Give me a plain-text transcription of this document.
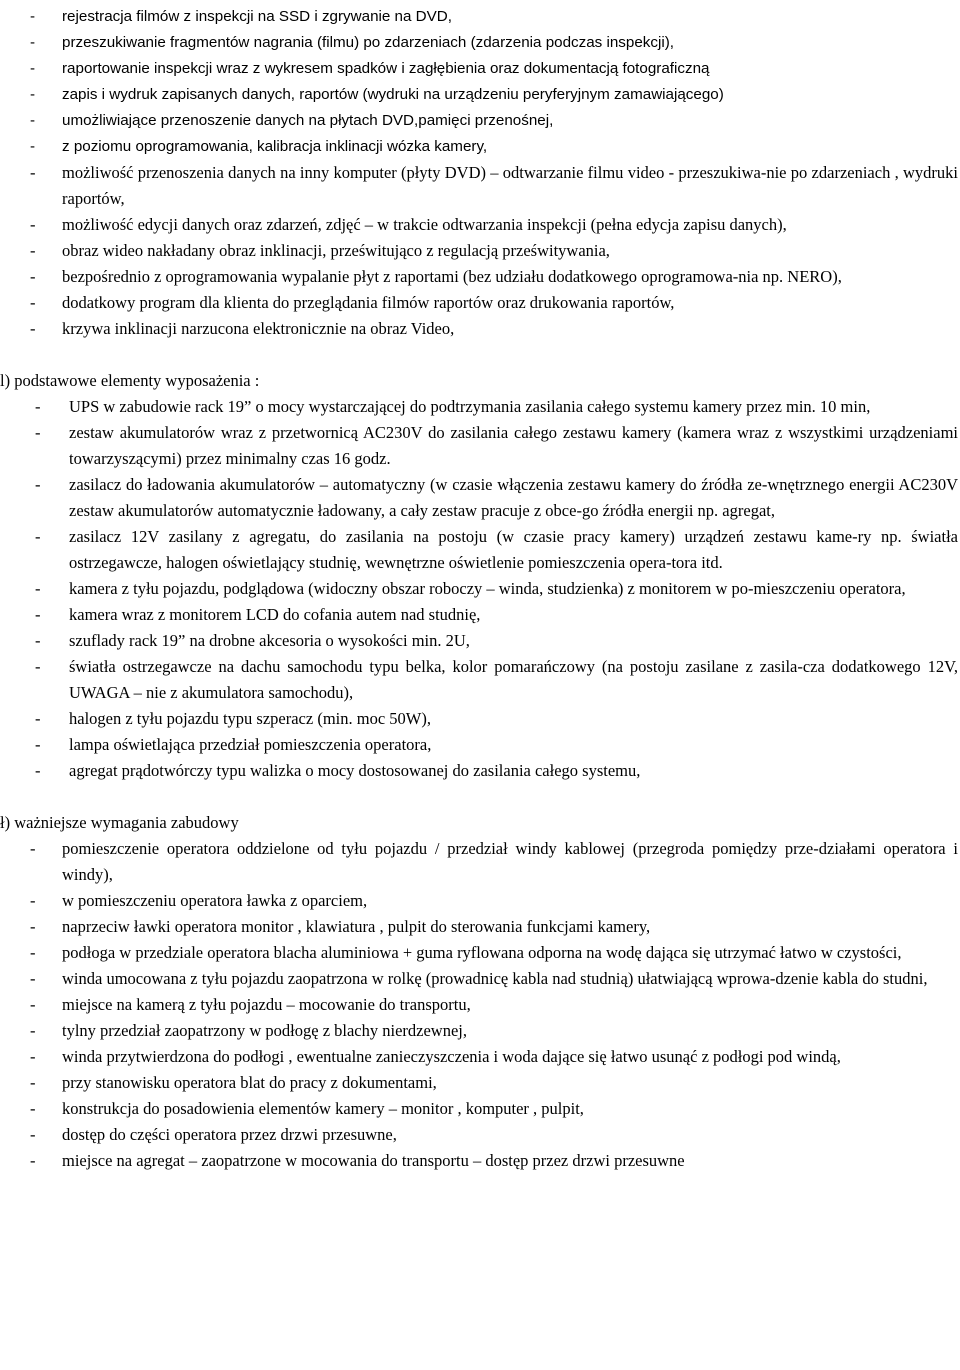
- rejestracja filmów z inspekcji na SSD i zgrywanie na DVD,
- przeszukiwanie fragmentów nagrania (filmu) po zdarzeniach (zdarzenia podczas inspekcji),
- raportowanie inspekcji wraz z wykresem spadków i zagłębienia oraz dokumentacją fotograficzną
- zapis i wydruk zapisanych danych, raportów (wydruki na urządzeniu peryferyjnym zamawiającego)
- umożliwiające przenoszenie danych na płytach DVD,pamięci przenośnej,
- z poziomu oprogramowania, kalibracja inklinacji wózka kamery,
- możliwość przenoszenia danych na inny komputer (płyty DVD) – odtwarzanie filmu video - przeszukiwa-nie po zdarzeniach , wydruki raportów,
- możliwość edycji danych oraz zdarzeń, zdjęć – w trakcie odtwarzania inspekcji (pełna edycja zapisu danych),
- obraz wideo nakładany obraz inklinacji, prześwitująco z regulacją prześwitywania,
- bezpośrednio z oprogramowania wypalanie płyt z raportami (bez udziału dodatkowego oprogramowa-nia np. NERO),
- dodatkowy program dla klienta do przeglądania filmów raportów oraz drukowania raportów,
- krzywa inklinacji narzucona elektronicznie na obraz Video,

l) podstawowe elementy wyposażenia :

- UPS w zabudowie rack 19” o mocy wystarczającej do podtrzymania zasilania całego systemu kamery przez min. 10 min,
- zestaw akumulatorów wraz z przetwornicą AC230V do zasilania całego zestawu kamery (kamera wraz z wszystkimi urządzeniami towarzyszącymi) przez minimalny czas 16 godz.
- zasilacz do ładowania akumulatorów – automatyczny (w czasie włączenia zestawu kamery do źródła ze-wnętrznego energii AC230V zestaw akumulatorów automatycznie ładowany, a cały zestaw pracuje z obce-go źródła energii np. agregat,
- zasilacz 12V zasilany z agregatu, do zasilania na postoju (w czasie pracy kamery) urządzeń zestawu kame-ry np. światła ostrzegawcze, halogen oświetlający studnię, wewnętrzne oświetlenie pomieszczenia opera-tora itd.
- kamera z tyłu pojazdu, podglądowa (widoczny obszar roboczy – winda, studzienka) z monitorem w po-mieszczeniu operatora,
- kamera wraz z monitorem LCD do cofania autem nad studnię,
- szuflady rack 19” na drobne akcesoria o wysokości min. 2U,
- światła ostrzegawcze na dachu samochodu typu belka, kolor pomarańczowy (na postoju zasilane z zasila-cza dodatkowego 12V, UWAGA – nie z akumulatora samochodu),
- halogen z tyłu pojazdu typu szperacz (min. moc 50W),
- lampa oświetlająca przedział pomieszczenia operatora,
- agregat prądotwórczy typu walizka o mocy dostosowanej do zasilania całego systemu,

ł) ważniejsze wymagania zabudowy

- pomieszczenie operatora oddzielone od tyłu pojazdu / przedział windy kablowej (przegroda pomiędzy prze-działami operatora i windy),
- w pomieszczeniu operatora ławka z oparciem,
- naprzeciw ławki operatora monitor , klawiatura , pulpit do sterowania funkcjami kamery,
- podłoga w przedziale operatora blacha aluminiowa + guma ryflowana odporna na wodę dająca się utrzymać łatwo w czystości,
- winda umocowana z tyłu pojazdu zaopatrzona w rolkę (prowadnicę kabla nad studnią) ułatwiającą wprowa-dzenie kabla do studni,
- miejsce na kamerą z tyłu pojazdu – mocowanie do transportu,
- tylny przedział zaopatrzony w podłogę z blachy nierdzewnej,
- winda przytwierdzona do podłogi , ewentualne zanieczyszczenia i woda dające się łatwo usunąć z podłogi pod windą,
- przy stanowisku operatora blat do pracy z dokumentami,
- konstrukcja do posadowienia elementów kamery – monitor , komputer , pulpit,
- dostęp do części operatora przez drzwi przesuwne,
- miejsce na agregat – zaopatrzone w mocowania do transportu – dostęp przez drzwi przesuwne
